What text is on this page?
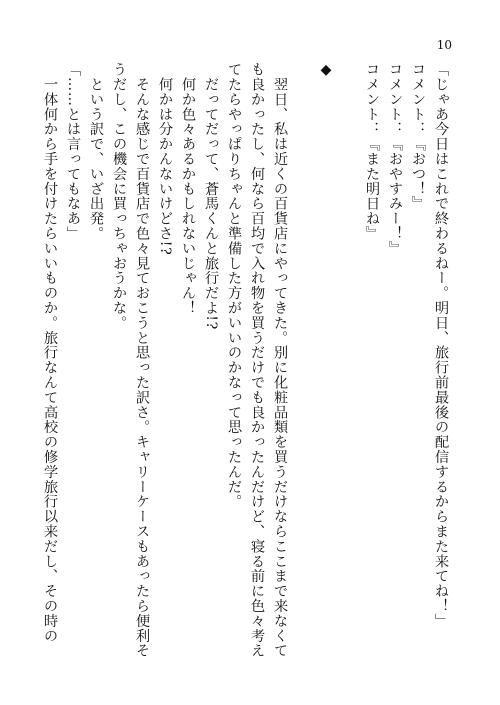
10
「じゃあ今日はこれで終わるねー。明日、旅行前最後の配信するからまた来てね！」
コメント：『おつ！』
コメント：『おやすみー！』
コメント：『また明日ね』
◆
　翌日、私は近くの百貨店にやってきた。別に化粧品類を買うだけならここまで来なくて
も良かったし、何なら百均で入れ物を買うだけでも良かったんだけど、寝る前に色々考え
てたらやっぱりちゃんと準備した方がいいのかなって思ったんだ。
　だってだって、蒼馬くんと旅行だよ!?
　何か色々あるかもしれないじゃん！
　何かは分かんないけどさ!?
　そんな感じで百貨店で色々見ておこうと思った訳さ。キャリーケースもあったら便利そ
うだし、この機会に買っちゃおうかな。
　という訳で、いざ出発。
「……とは言ってもなあ」
　一体何から手を付けたらいいものか。旅行なんて高校の修学旅行以来だし、その時の
